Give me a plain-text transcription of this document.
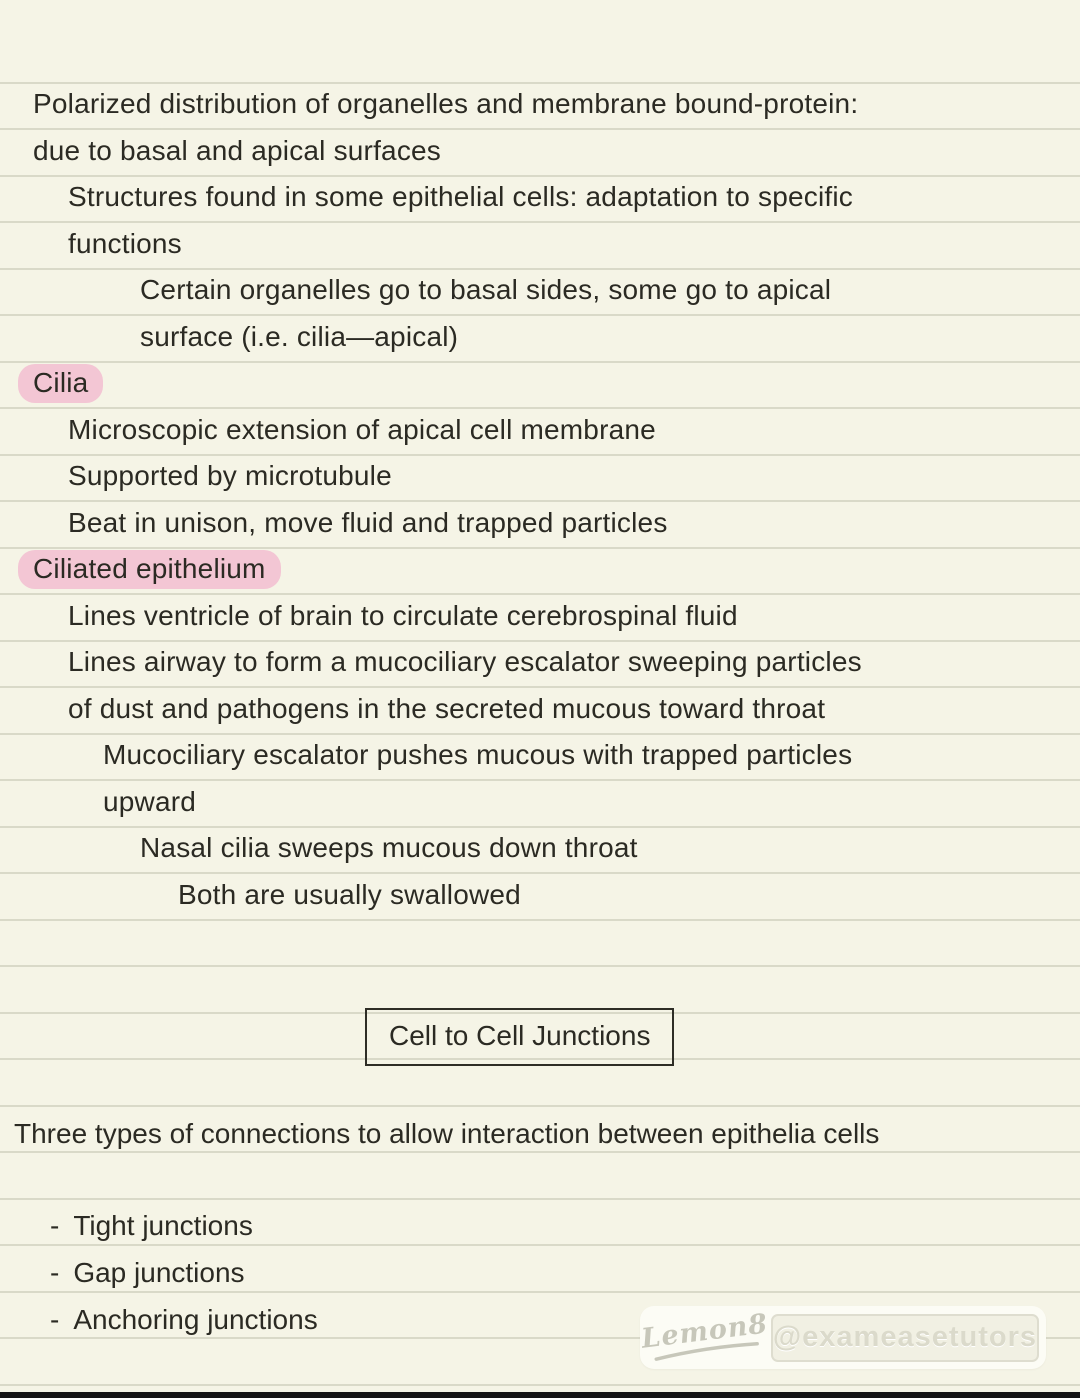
Polarized distribution of organelles and membrane bound-protein:
due to basal and apical surfaces
Structures found in some epithelial cells: adaptation to specific
functions
Certain organelles go to basal sides, some go to apical
surface (i.e. cilia—apical)
Cilia
Microscopic extension of apical cell membrane
Supported by microtubule
Beat in unison, move fluid and trapped particles
Ciliated epithelium
Lines ventricle of brain to circulate cerebrospinal fluid
Lines airway to form a mucociliary escalator sweeping particles
of dust and pathogens in the secreted mucous toward throat
Mucociliary escalator pushes mucous with trapped particles
upward
Nasal cilia sweeps mucous down throat
Both are usually swallowed
Cell to Cell Junctions
Three types of connections to allow interaction between epithelia cells
- Tight junctions
- Gap junctions
- Anchoring junctions	Lemon8 @exameasetutors
